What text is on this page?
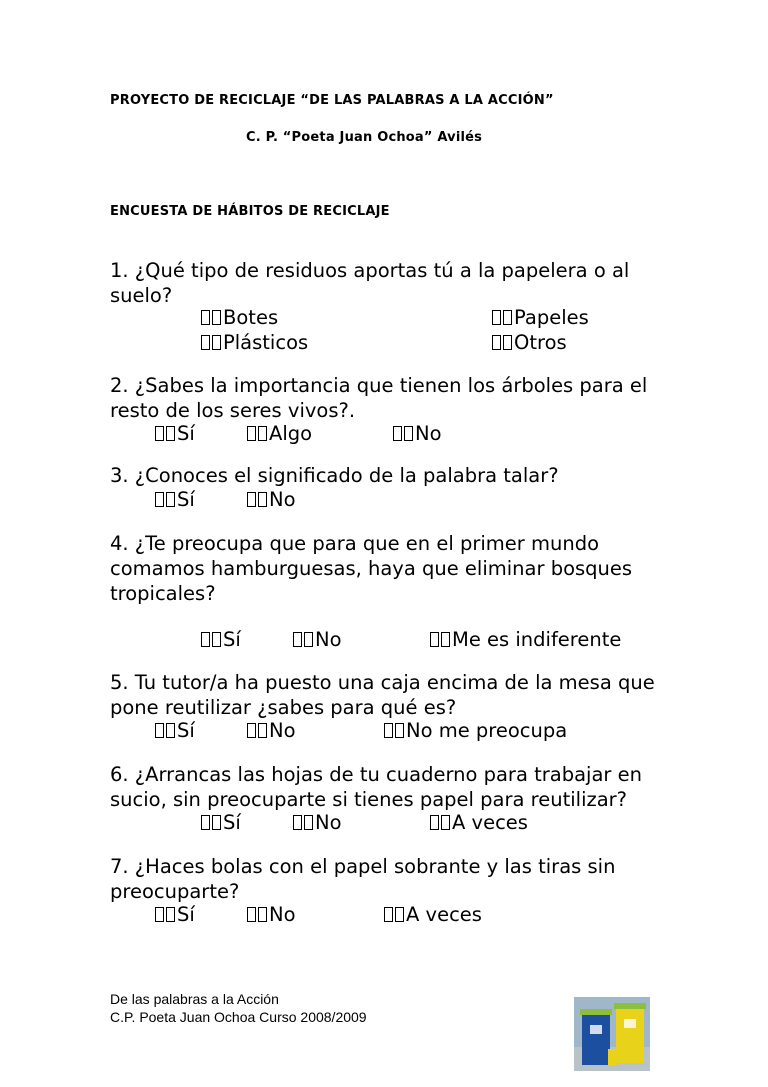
PROYECTO DE RECICLAJE “DE LAS PALABRAS A LA ACCIÓN”
C. P. “Poeta Juan Ochoa” Avilés
ENCUESTA DE HÁBITOS DE RECICLAJE
1. ¿Qué tipo de residuos aportas tú a la papelera o al suelo?
Botes	Papeles
Plásticos	Otros
2. ¿Sabes la importancia que tienen los árboles para el resto de los seres vivos?.
Sí	Algo	No
3. ¿Conoces el significado de la palabra talar?
Sí	No
4. ¿Te preocupa que para que en el primer mundo comamos hamburguesas, haya que eliminar bosques tropicales?
Sí	No	Me es indiferente
5. Tu tutor/a ha puesto una caja encima de la mesa que pone reutilizar ¿sabes para qué es?
Sí	No	No me preocupa
6. ¿Arrancas las hojas de tu cuaderno para trabajar en sucio, sin preocuparte si tienes papel para reutilizar?
Sí	No	A veces
7. ¿Haces bolas con el papel sobrante y las tiras sin preocuparte?
Sí	No	A veces
De las palabras a la Acción
C.P. Poeta Juan Ochoa Curso 2008/2009
